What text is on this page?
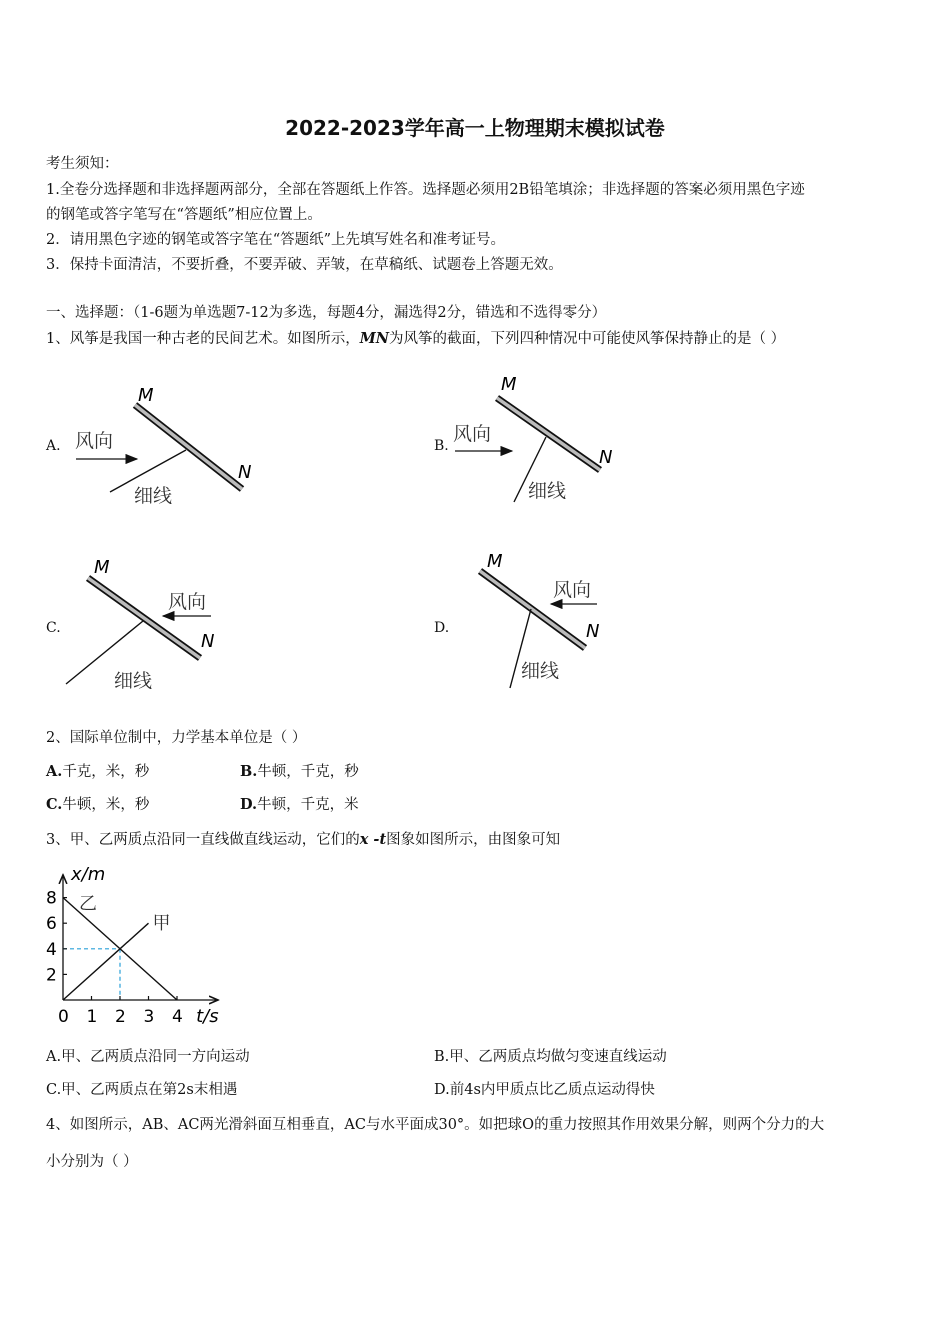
2022-2023学年高一上物理期末模拟试卷
考生须知：
1.全卷分选择题和非选择题两部分，全部在答题纸上作答。选择题必须用2B铅笔填涂；非选择题的答案必须用黑色字迹
的钢笔或答字笔写在“答题纸”相应位置上。
2．请用黑色字迹的钢笔或答字笔在“答题纸”上先填写姓名和准考证号。
3．保持卡面清洁，不要折叠，不要弄破、弄皱，在草稿纸、试题卷上答题无效。
一、选择题：（1-6题为单选题7-12为多选，每题4分，漏选得2分，错选和不选得零分）
1、风筝是我国一种古老的民间艺术。如图所示，MN为风筝的截面，下列四种情况中可能使风筝保持静止的是（ ）
A.	B.
C.	D.
M
N
风向
细线
M
N
风向
细线
M
N
风向
细线
M
N
风向
细线
2、国际单位制中，力学基本单位是（ ）
A.千克，米，秒	B.牛顿，千克，秒
C.牛顿，米，秒	D.牛顿，千克，米
3、甲、乙两质点沿同一直线做直线运动，它们的x -t图象如图所示，由图象可知
乙
甲
0 1 2 3 4
2
4
6
8
t/s
x/m
A.甲、乙两质点沿同一方向运动	B.甲、乙两质点均做匀变速直线运动
C.甲、乙两质点在第2s末相遇	D.前4s内甲质点比乙质点运动得快
4、如图所示，AB、AC两光滑斜面互相垂直，AC与水平面成30°。如把球O的重力按照其作用效果分解，则两个分力的大
小分别为（ ）
